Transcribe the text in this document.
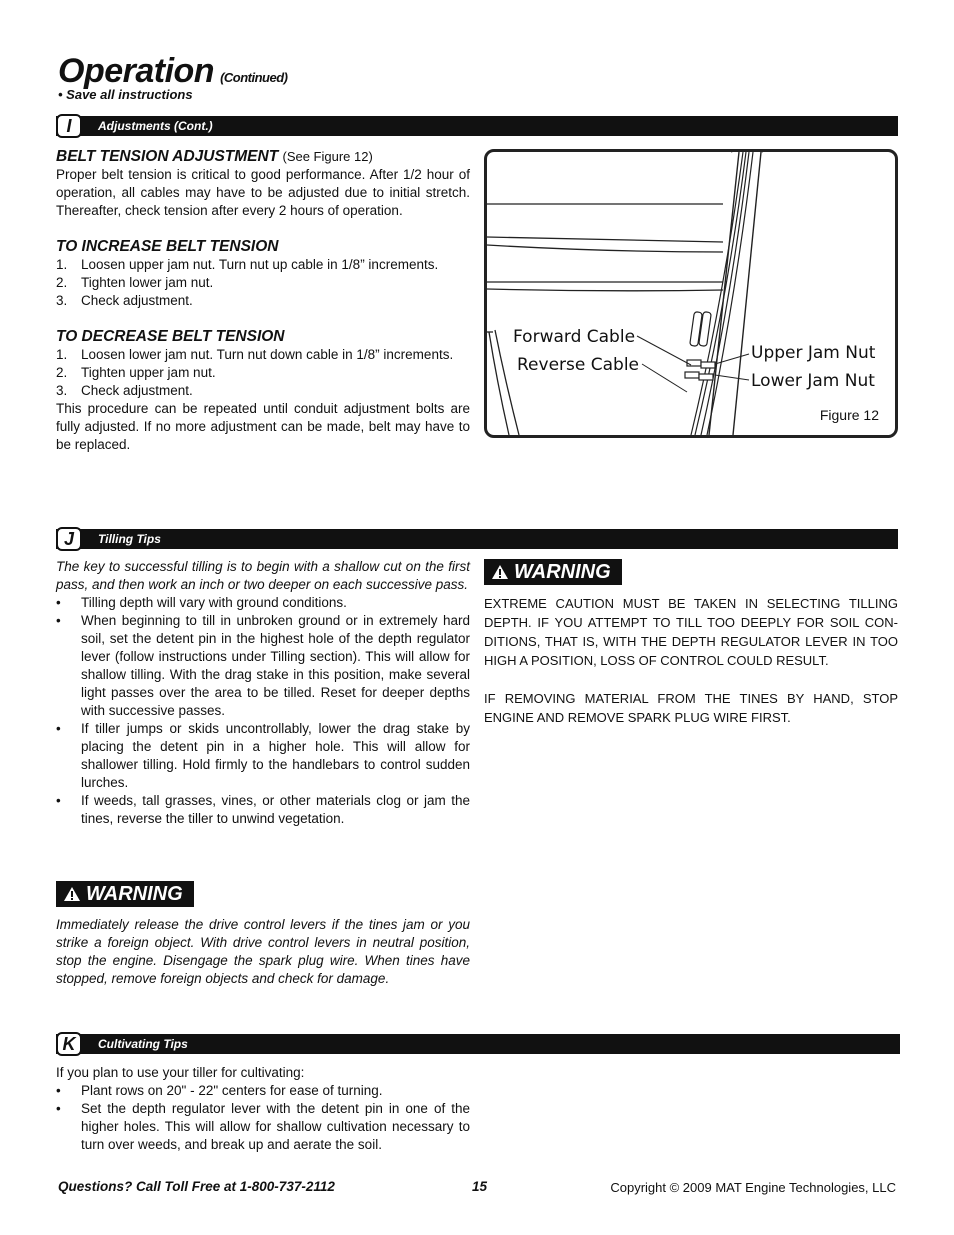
Operation (Continued)
• Save all instructions
I	Adjustments (Cont.)
BELT TENSION ADJUSTMENT (See Figure 12)
Proper belt tension is critical to good performance. After 1/2 hour of operation, all cables may have to be adjusted due to initial stretch. Thereafter, check tension after every 2 hours of operation.
TO INCREASE BELT TENSION
1. Loosen upper jam nut. Turn nut up cable in 1/8” increments.
2. Tighten lower jam nut.
3. Check adjustment.
TO DECREASE BELT TENSION
1. Loosen lower jam nut. Turn nut down cable in 1/8” increments.
2. Tighten upper jam nut.
3. Check adjustment.
This procedure can be repeated until conduit adjustment bolts are fully adjusted. If no more adjustment can be made, belt may have to be replaced.
Forward Cable
Reverse Cable
Upper Jam Nut
Lower Jam Nut
Figure 12
J	Tilling Tips
The key to successful tilling is to begin with a shallow cut on the first pass, and then work an inch or two deeper on each successive pass.
• Tilling depth will vary with ground conditions.
• When beginning to till in unbroken ground or in extremely hard soil, set the detent pin in the highest hole of the depth regulator lever (follow instructions under Tilling section). This will allow for shallow tilling. With the drag stake in this position, make several light passes over the area to be tilled. Reset for deeper depths with successive passes.
• If tiller jumps or skids uncontrollably, lower the drag stake by placing the detent pin in a higher hole. This will allow for shallower tilling. Hold firmly to the handlebars to control sudden lurches.
• If weeds, tall grasses, vines, or other materials clog or jam the tines, reverse the tiller to unwind vegetation.
WARNING
Immediately release the drive control levers if the tines jam or you strike a foreign object. With drive control levers in neutral position, stop the engine. Disengage the spark plug wire. When tines have stopped, remove foreign objects and check for damage.
WARNING
EXTREME CAUTION MUST BE TAKEN IN SELECTING TILLING DEPTH. IF YOU ATTEMPT TO TILL TOO DEEPLY FOR SOIL CON-DITIONS, THAT IS, WITH THE DEPTH REGULATOR LEVER IN TOO HIGH A POSITION, LOSS OF CONTROL COULD RESULT.
IF REMOVING MATERIAL FROM THE TINES BY HAND, STOP ENGINE AND REMOVE SPARK PLUG WIRE FIRST.
K	Cultivating Tips
If you plan to use your tiller for cultivating:
• Plant rows on 20" - 22" centers for ease of turning.
• Set the depth regulator lever with the detent pin in one of the higher holes. This will allow for shallow cultivation necessary to turn over weeds, and break up and aerate the soil.
Questions? Call Toll Free at 1-800-737-2112	15	Copyright © 2009 MAT Engine Technologies, LLC
